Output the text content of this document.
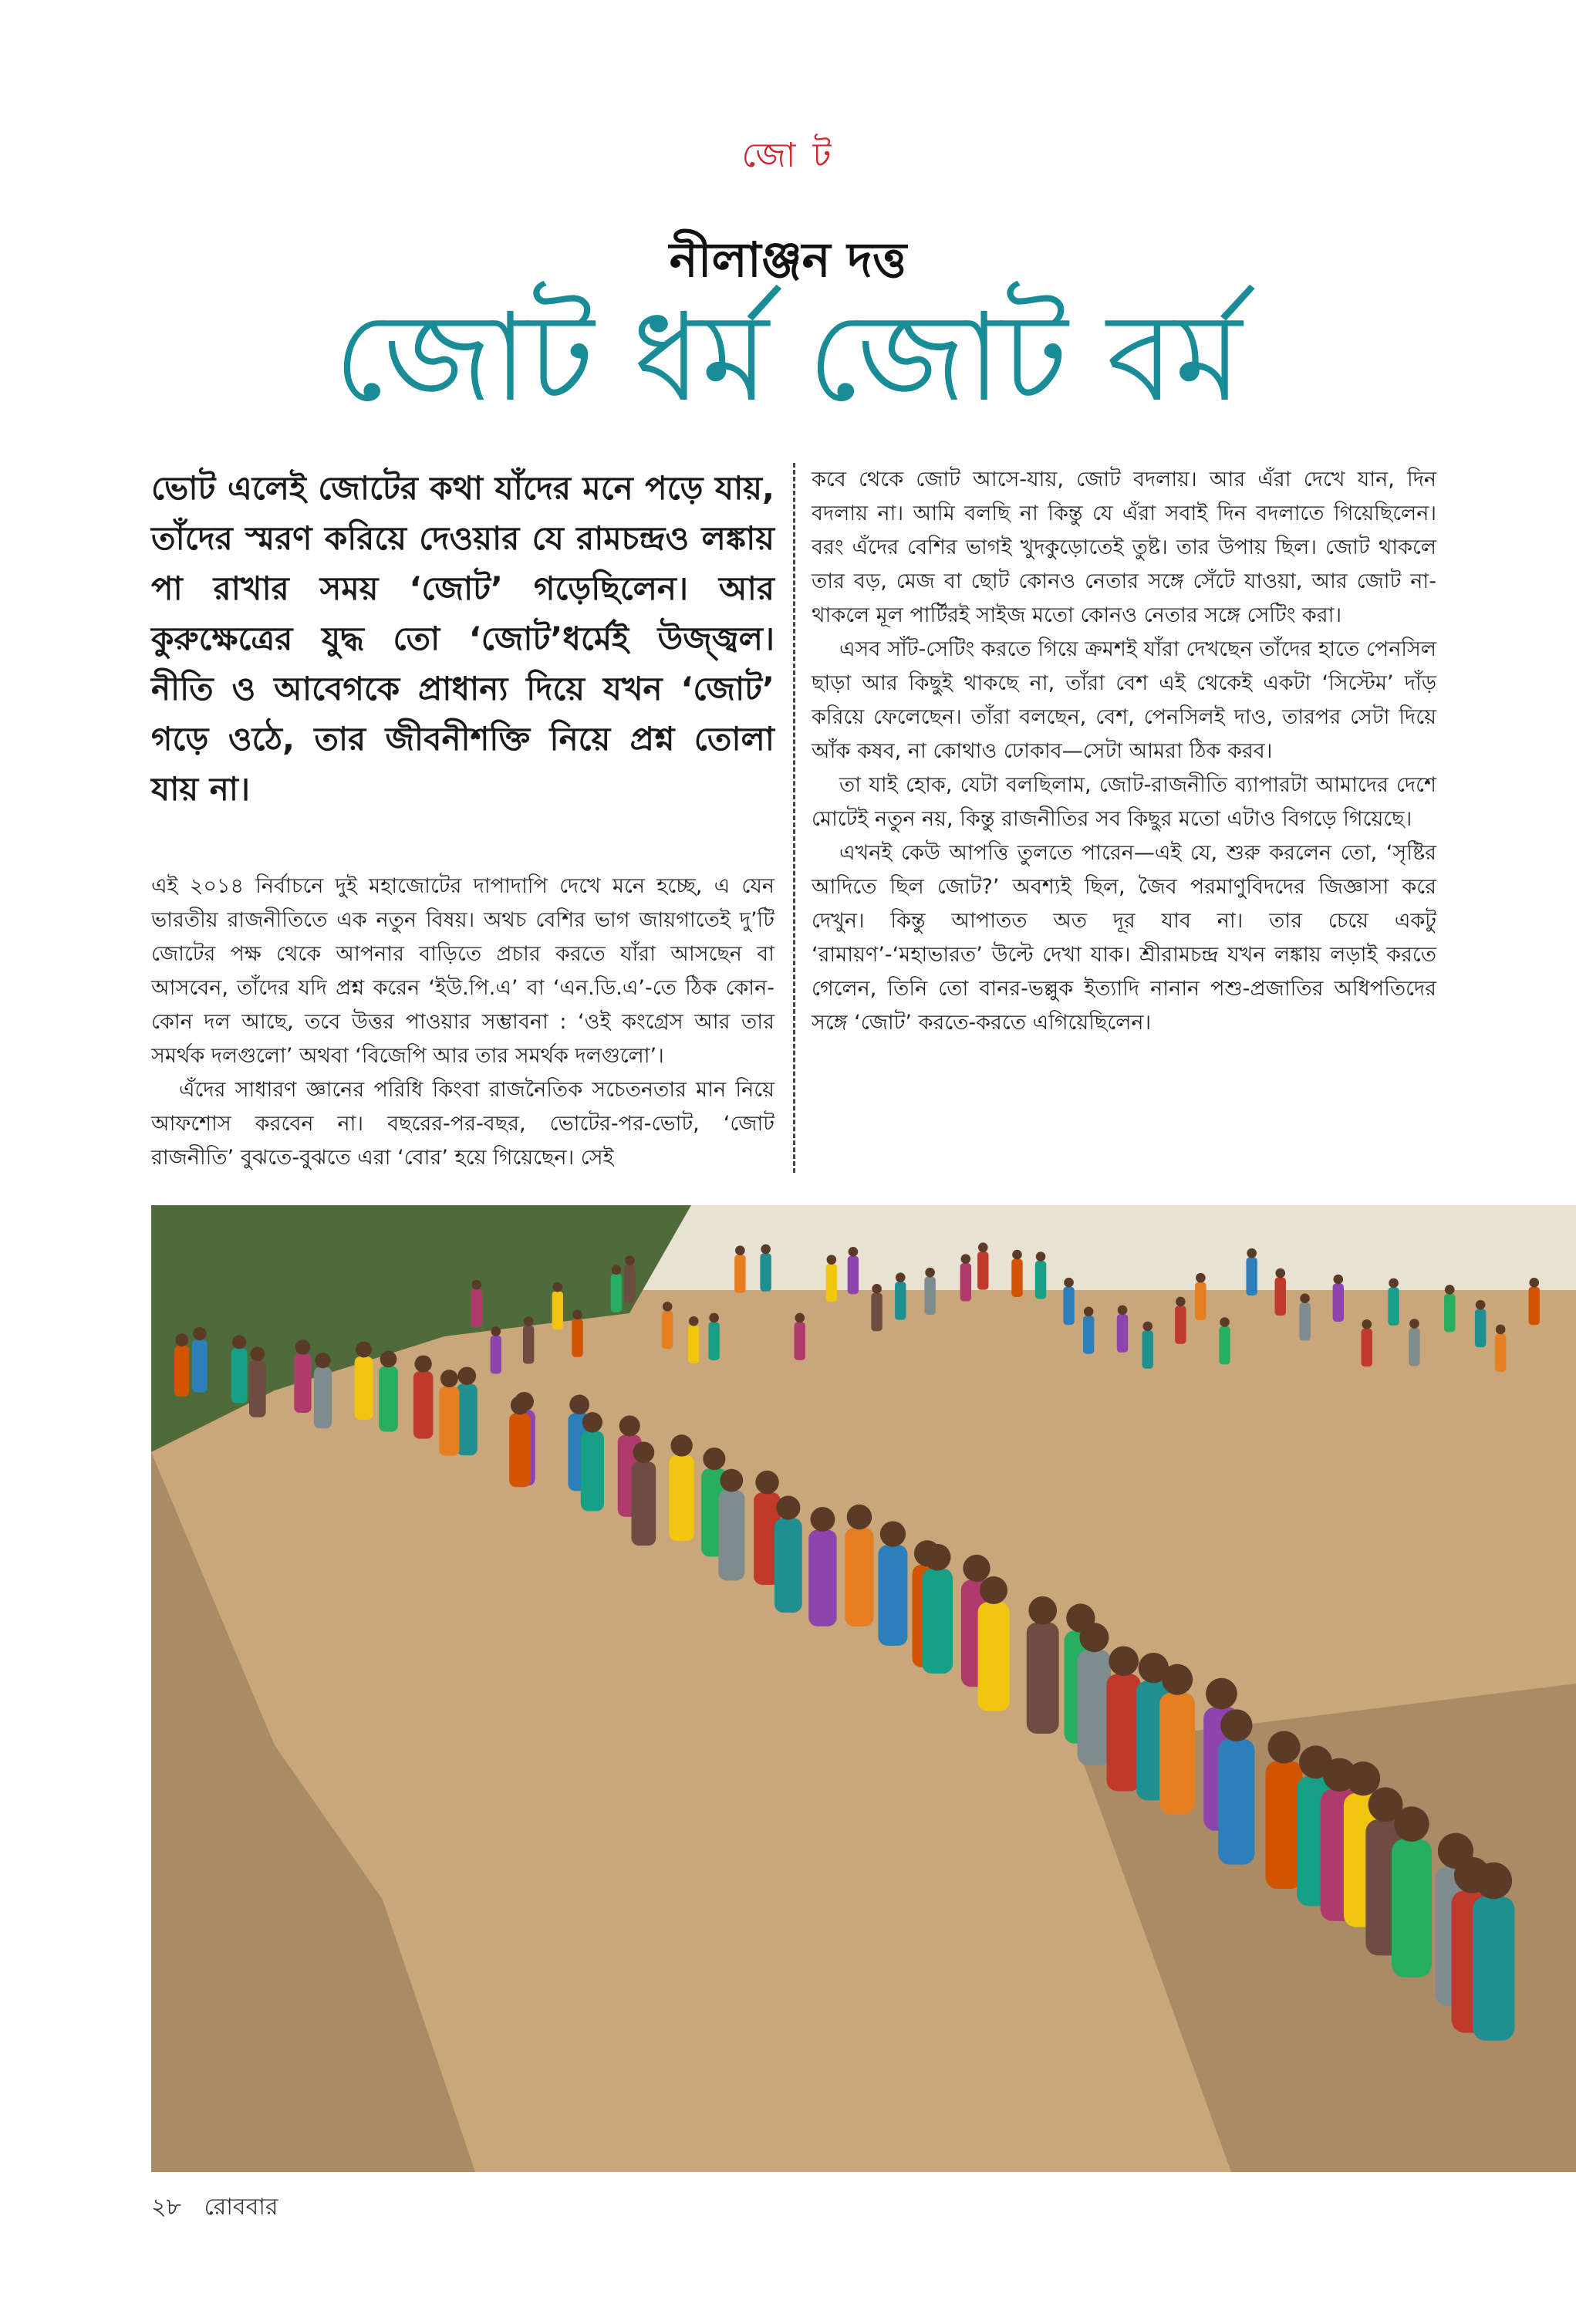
জো ট
নীলাঞ্জন দত্ত
জোট ধর্ম জোট বর্ম

ভোট এলেই জোটের কথা যাঁদের মনে পড়ে যায়, তাঁদের স্মরণ করিয়ে দেওয়ার যে রামচন্দ্রও লঙ্কায় পা রাখার সময় ‘জোট’ গড়েছিলেন। আর কুরুক্ষেত্রের যুদ্ধ তো ‘জোট’ধর্মেই উজ্জ্বল। নীতি ও আবেগকে প্রাধান্য দিয়ে যখন ‘জোট’ গড়ে ওঠে, তার জীবনীশক্তি নিয়ে প্রশ্ন তোলা যায় না।

এই ২০১৪ নির্বাচনে দুই মহাজোটের দাপাদাপি দেখে মনে হচ্ছে, এ যেন ভারতীয় রাজনীতিতে এক নতুন বিষয়। অথচ বেশির ভাগ জায়গাতেই দু’টি জোটের পক্ষ থেকে আপনার বাড়িতে প্রচার করতে যাঁরা আসছেন বা আসবেন, তাঁদের যদি প্রশ্ন করেন ‘ইউ.পি.এ’ বা ‘এন.ডি.এ’-তে ঠিক কোন-কোন দল আছে, তবে উত্তর পাওয়ার সম্ভাবনা : ‘ওই কংগ্রেস আর তার সমর্থক দলগুলো’ অথবা ‘বিজেপি আর তার সমর্থক দলগুলো’।

এঁদের সাধারণ জ্ঞানের পরিধি কিংবা রাজনৈতিক সচেতনতার মান নিয়ে আফশোস করবেন না। বছরের-পর-বছর, ভোটের-পর-ভোট, ‘জোট রাজনীতি’ বুঝতে-বুঝতে এরা ‘বোর’ হয়ে গিয়েছেন। সেই

কবে থেকে জোট আসে-যায়, জোট বদলায়। আর এঁরা দেখে যান, দিন বদলায় না। আমি বলছি না কিন্তু যে এঁরা সবাই দিন বদলাতে গিয়েছিলেন। বরং এঁদের বেশির ভাগই খুদকুড়োতেই তুষ্ট। তার উপায় ছিল। জোট থাকলে তার বড়, মেজ বা ছোট কোনও নেতার সঙ্গে সেঁটে যাওয়া, আর জোট না-থাকলে মূল পার্টিরই সাইজ মতো কোনও নেতার সঙ্গে সেটিং করা।

এসব সাঁট-সেটিং করতে গিয়ে ক্রমশই যাঁরা দেখছেন তাঁদের হাতে পেনসিল ছাড়া আর কিছুই থাকছে না, তাঁরা বেশ এই থেকেই একটা ‘সিস্টেম’ দাঁড় করিয়ে ফেলেছেন। তাঁরা বলছেন, বেশ, পেনসিলই দাও, তারপর সেটা দিয়ে আঁক কষব, না কোথাও ঢোকাব—সেটা আমরা ঠিক করব।

তা যাই হোক, যেটা বলছিলাম, জোট-রাজনীতি ব্যাপারটা আমাদের দেশে মোটেই নতুন নয়, কিন্তু রাজনীতির সব কিছুর মতো এটাও বিগড়ে গিয়েছে।

এখনই কেউ আপত্তি তুলতে পারেন—এই যে, শুরু করলেন তো, ‘সৃষ্টির আদিতে ছিল জোট?’ অবশ্যই ছিল, জৈব পরমাণুবিদদের জিজ্ঞাসা করে দেখুন। কিন্তু আপাতত অত দূর যাব না। তার চেয়ে একটু ‘রামায়ণ’-‘মহাভারত’ উল্টে দেখা যাক। শ্রীরামচন্দ্র যখন লঙ্কায় লড়াই করতে গেলেন, তিনি তো বানর-ভল্লুক ইত্যাদি নানান পশু-প্রজাতির অধিপতিদের সঙ্গে ‘জোট’ করতে-করতে এগিয়েছিলেন।

২৮ রোববার
